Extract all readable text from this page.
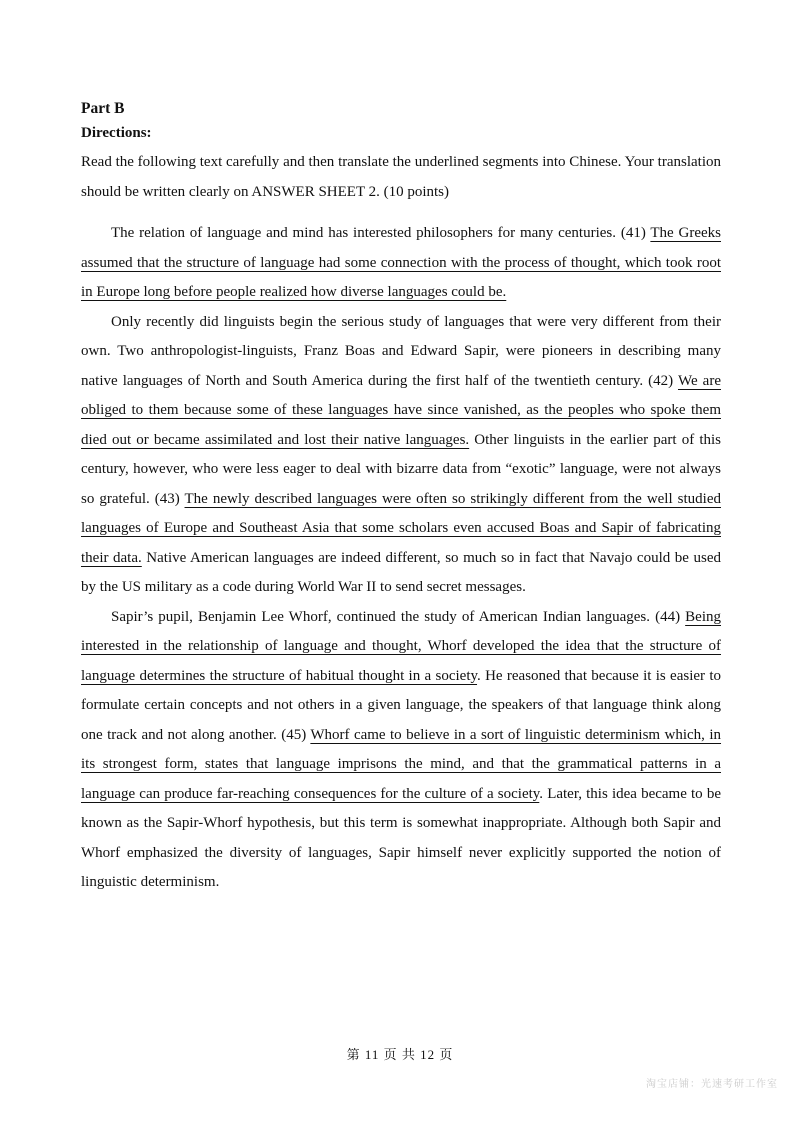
Part B

Directions:

Read the following text carefully and then translate the underlined segments into Chinese. Your translation should be written clearly on ANSWER SHEET 2. (10 points)

The relation of language and mind has interested philosophers for many centuries. (41) The Greeks assumed that the structure of language had some connection with the process of thought, which took root in Europe long before people realized how diverse languages could be.

Only recently did linguists begin the serious study of languages that were very different from their own. Two anthropologist-linguists, Franz Boas and Edward Sapir, were pioneers in describing many native languages of North and South America during the first half of the twentieth century. (42) We are obliged to them because some of these languages have since vanished, as the peoples who spoke them died out or became assimilated and lost their native languages. Other linguists in the earlier part of this century, however, who were less eager to deal with bizarre data from “exotic” language, were not always so grateful. (43) The newly described languages were often so strikingly different from the well studied languages of Europe and Southeast Asia that some scholars even accused Boas and Sapir of fabricating their data. Native American languages are indeed different, so much so in fact that Navajo could be used by the US military as a code during World War II to send secret messages.

Sapir’s pupil, Benjamin Lee Whorf, continued the study of American Indian languages. (44) Being interested in the relationship of language and thought, Whorf developed the idea that the structure of language determines the structure of habitual thought in a society. He reasoned that because it is easier to formulate certain concepts and not others in a given language, the speakers of that language think along one track and not along another. (45) Whorf came to believe in a sort of linguistic determinism which, in its strongest form, states that language imprisons the mind, and that the grammatical patterns in a language can produce far-reaching consequences for the culture of a society. Later, this idea became to be known as the Sapir-Whorf hypothesis, but this term is somewhat inappropriate. Although both Sapir and Whorf emphasized the diversity of languages, Sapir himself never explicitly supported the notion of linguistic determinism.

第 11 页 共 12 页
淘宝店铺：光速考研工作室
